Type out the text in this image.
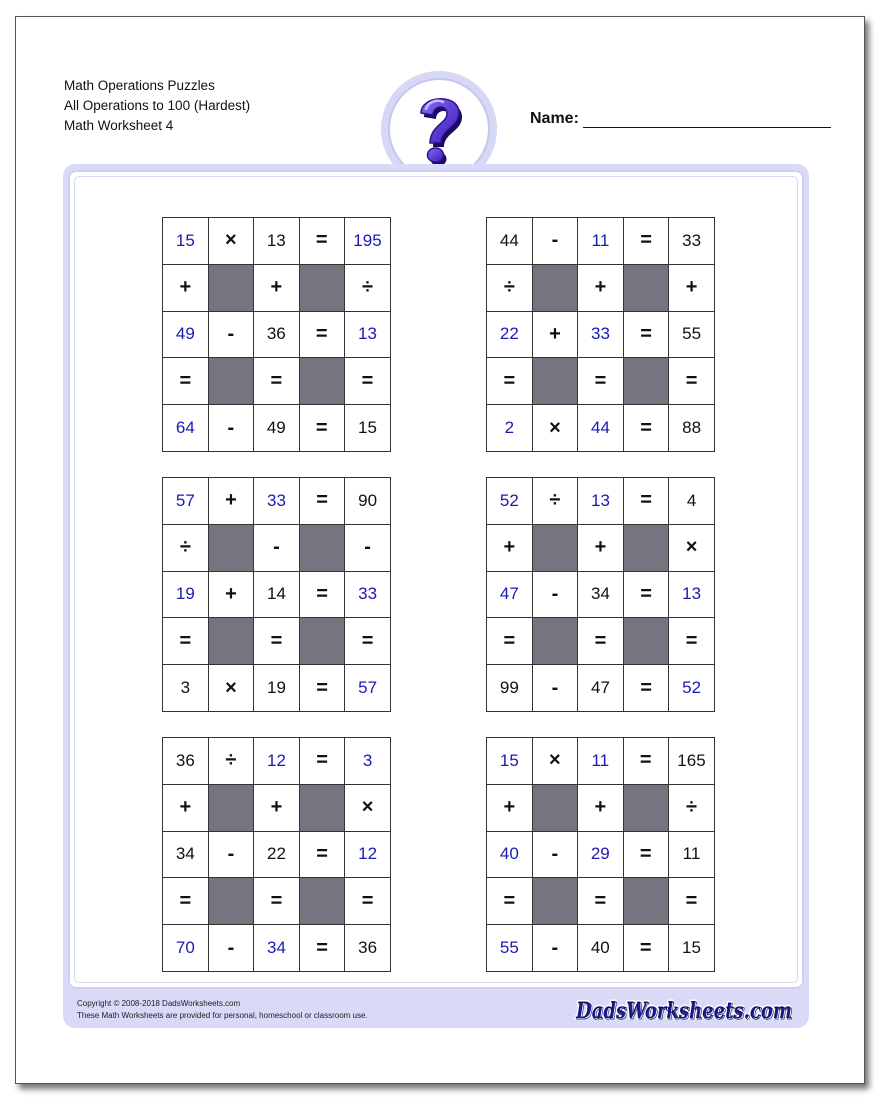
Math Operations Puzzles
All Operations to 100 (Hardest)
Math Worksheet 4	Name:
15	×	13	=	195
+		+		÷
49	-	36	=	13
=		=		=
64	-	49	=	15
44	-	11	=	33
÷		+		+
22	+	33	=	55
=		=		=
2	×	44	=	88
57	+	33	=	90
÷		-		-
19	+	14	=	33
=		=		=
3	×	19	=	57
52	÷	13	=	4
+		+		×
47	-	34	=	13
=		=		=
99	-	47	=	52
36	÷	12	=	3
+		+		×
34	-	22	=	12
=		=		=
70	-	34	=	36
15	×	11	=	165
+		+		÷
40	-	29	=	11
=		=		=
55	-	40	=	15
Copyright © 2008-2018 DadsWorksheets.com
These Math Worksheets are provided for personal, homeschool or classroom use.	DadsWorksheets.com
DadsWorksheets.com
